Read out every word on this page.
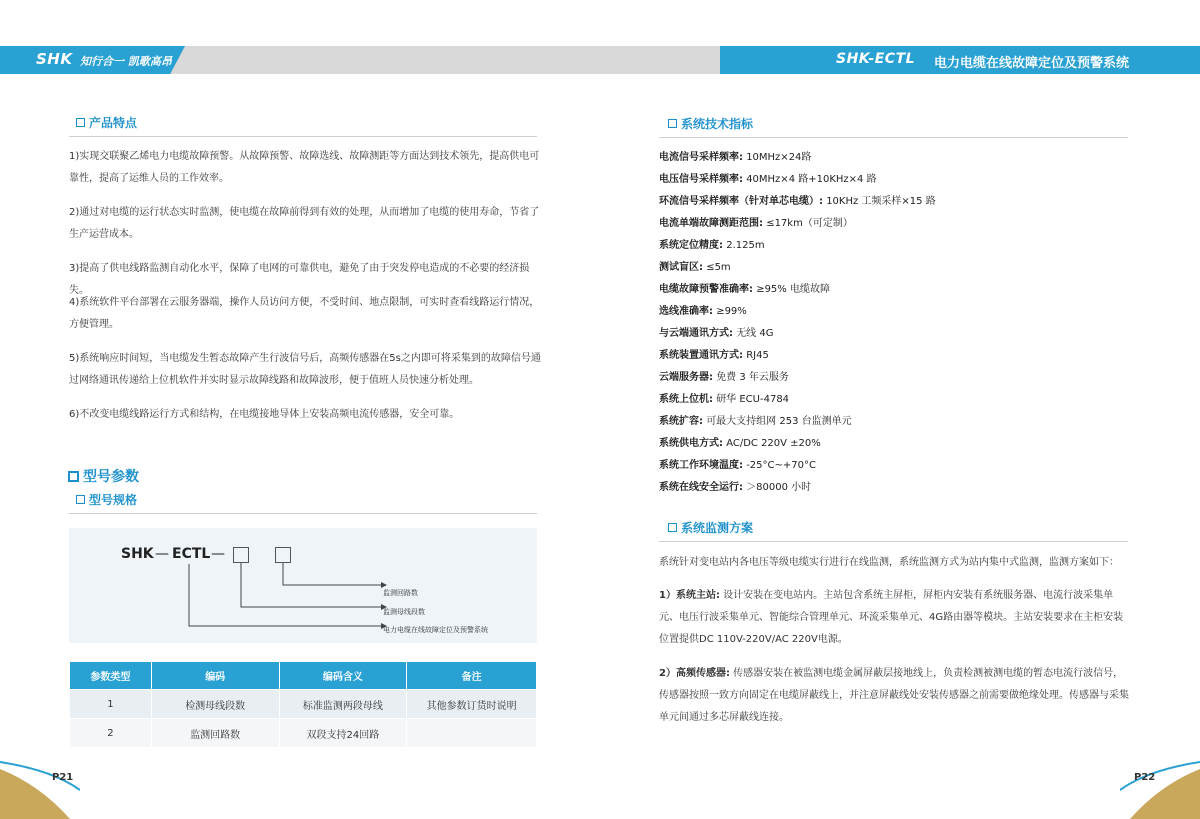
SHK 知行合一 凯歌高昂	SHK-ECTL 电力电缆在线故障定位及预警系统
产品特点
1)实现交联聚乙烯电力电缆故障预警。从故障预警、故障选线、故障测距等方面达到技术领先，提高供电可
靠性，提高了运维人员的工作效率。
2)通过对电缆的运行状态实时监测，使电缆在故障前得到有效的处理，从而增加了电缆的使用寿命，节省了
生产运营成本。
3)提高了供电线路监测自动化水平，保障了电网的可靠供电，避免了由于突发停电造成的不必要的经济损失。
4)系统软件平台部署在云服务器端，操作人员访问方便，不受时间、地点限制，可实时查看线路运行情况，
方便管理。
5)系统响应时间短，当电缆发生暂态故障产生行波信号后，高频传感器在5s之内即可将采集到的故障信号通
过网络通讯传递给上位机软件并实时显示故障线路和故障波形，便于值班人员快速分析处理。
6)不改变电缆线路运行方式和结构，在电缆接地导体上安装高频电流传感器，安全可靠。
型号参数
型号规格
SHK — ECTL —
监测回路数
监测母线段数
电力电缆在线故障定位及预警系统
参数类型	编码	编码含义	备注
1	检测母线段数	标准监测两段母线	其他参数订货时说明
2	监测回路数	双段支持24回路	
系统技术指标
电流信号采样频率: 10MHz×24路
电压信号采样频率: 40MHz×4 路+10KHz×4 路
环流信号采样频率（针对单芯电缆）: 10KHz 工频采样×15 路
电流单端故障测距范围: ≤17km（可定制）
系统定位精度: 2.125m
测试盲区: ≤5m
电缆故障预警准确率: ≥95% 电缆故障
选线准确率: ≥99%
与云端通讯方式: 无线 4G
系统装置通讯方式: RJ45
云端服务器: 免费 3 年云服务
系统上位机: 研华 ECU-4784
系统扩容: 可最大支持组网 253 台监测单元
系统供电方式: AC/DC 220V ±20%
系统工作环境温度: -25°C~+70°C
系统在线安全运行: ＞80000 小时
系统监测方案
系统针对变电站内各电压等级电缆实行进行在线监测，系统监测方式为站内集中式监测，监测方案如下：
1）系统主站: 设计安装在变电站内。主站包含系统主屏柜，屏柜内安装有系统服务器、电流行波采集单
元、电压行波采集单元、智能综合管理单元、环流采集单元、4G路由器等模块。主站安装要求在主柜安装
位置提供DC 110V-220V/AC 220V电源。
2）高频传感器: 传感器安装在被监测电缆金属屏蔽层接地线上，负责检测被测电缆的暂态电流行波信号，
传感器按照一致方向固定在电缆屏蔽线上，并注意屏蔽线处安装传感器之前需要做绝缘处理。传感器与采集
单元间通过多芯屏蔽线连接。
P21	P22
